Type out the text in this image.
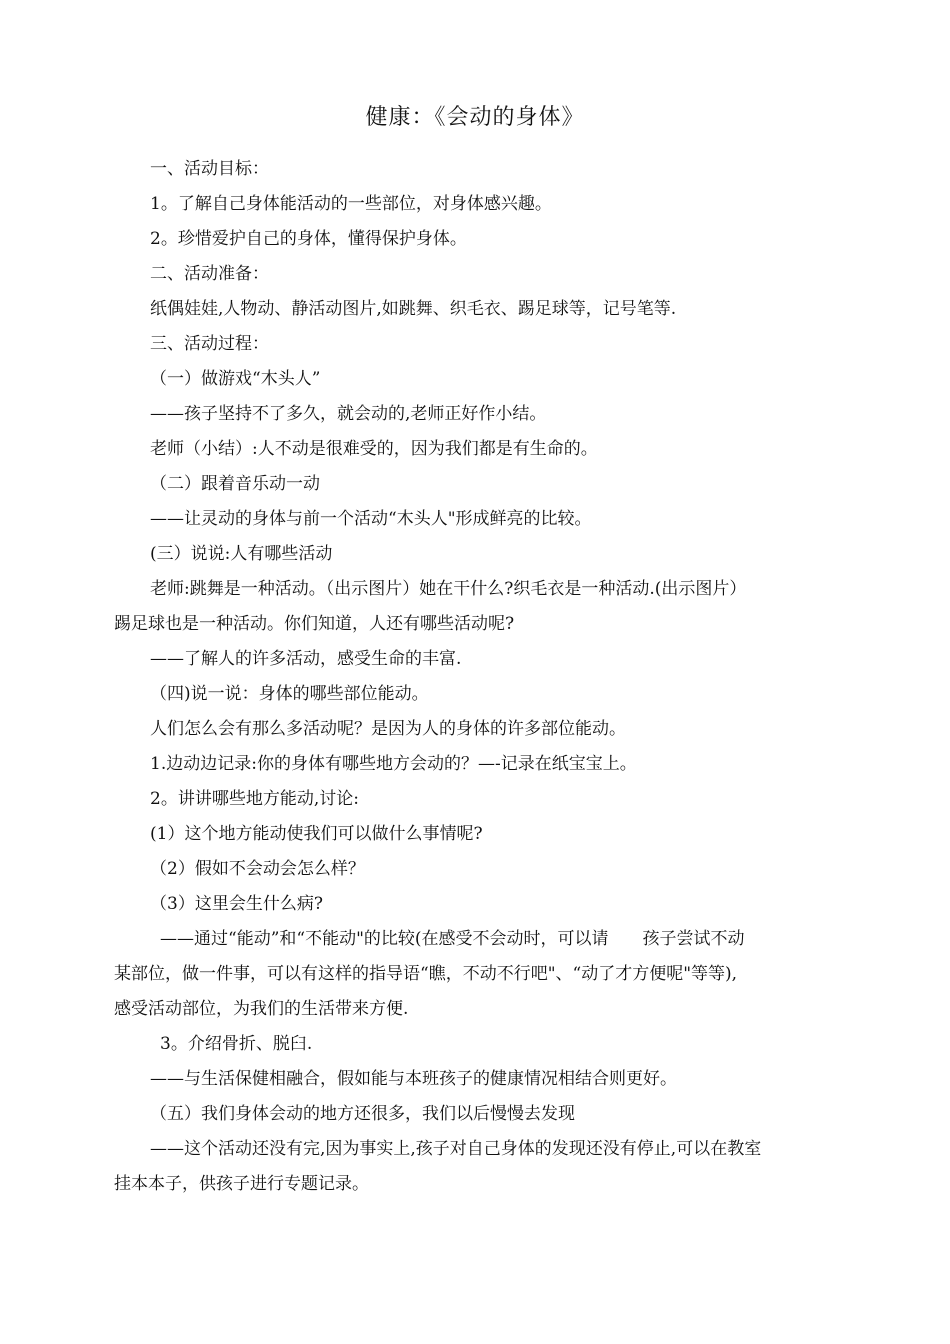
健康：《会动的身体》
一、活动目标：
1。了解自己身体能活动的一些部位，对身体感兴趣。
2。珍惜爱护自己的身体，懂得保护身体。
二、活动准备：
纸偶娃娃,人物动、静活动图片,如跳舞、织毛衣、踢足球等，记号笔等.
三、活动过程：
（一）做游戏“木头人”
——孩子坚持不了多久，就会动的,老师正好作小结。
老师（小结）:人不动是很难受的，因为我们都是有生命的。
（二）跟着音乐动一动
——让灵动的身体与前一个活动“木头人"形成鲜亮的比较。
(三）说说:人有哪些活动
老师:跳舞是一种活动。（出示图片）她在干什么?织毛衣是一种活动.(出示图片）
踢足球也是一种活动。你们知道，人还有哪些活动呢?
——了解人的许多活动，感受生命的丰富.
（四)说一说：身体的哪些部位能动。
人们怎么会有那么多活动呢？是因为人的身体的许多部位能动。
1.边动边记录:你的身体有哪些地方会动的？—-记录在纸宝宝上。
2。讲讲哪些地方能动,讨论:
(1）这个地方能动使我们可以做什么事情呢?
（2）假如不会动会怎么样？
（3）这里会生什么病?
——通过“能动”和“不能动"的比较(在感受不会动时，可以请　　孩子尝试不动
某部位，做一件事，可以有这样的指导语“瞧，不动不行吧"、“动了才方便呢"等等),
感受活动部位，为我们的生活带来方便.
3。介绍骨折、脱臼.
——与生活保健相融合，假如能与本班孩子的健康情况相结合则更好。
（五）我们身体会动的地方还很多，我们以后慢慢去发现
——这个活动还没有完,因为事实上,孩子对自己身体的发现还没有停止,可以在教室
挂本本子，供孩子进行专题记录。
